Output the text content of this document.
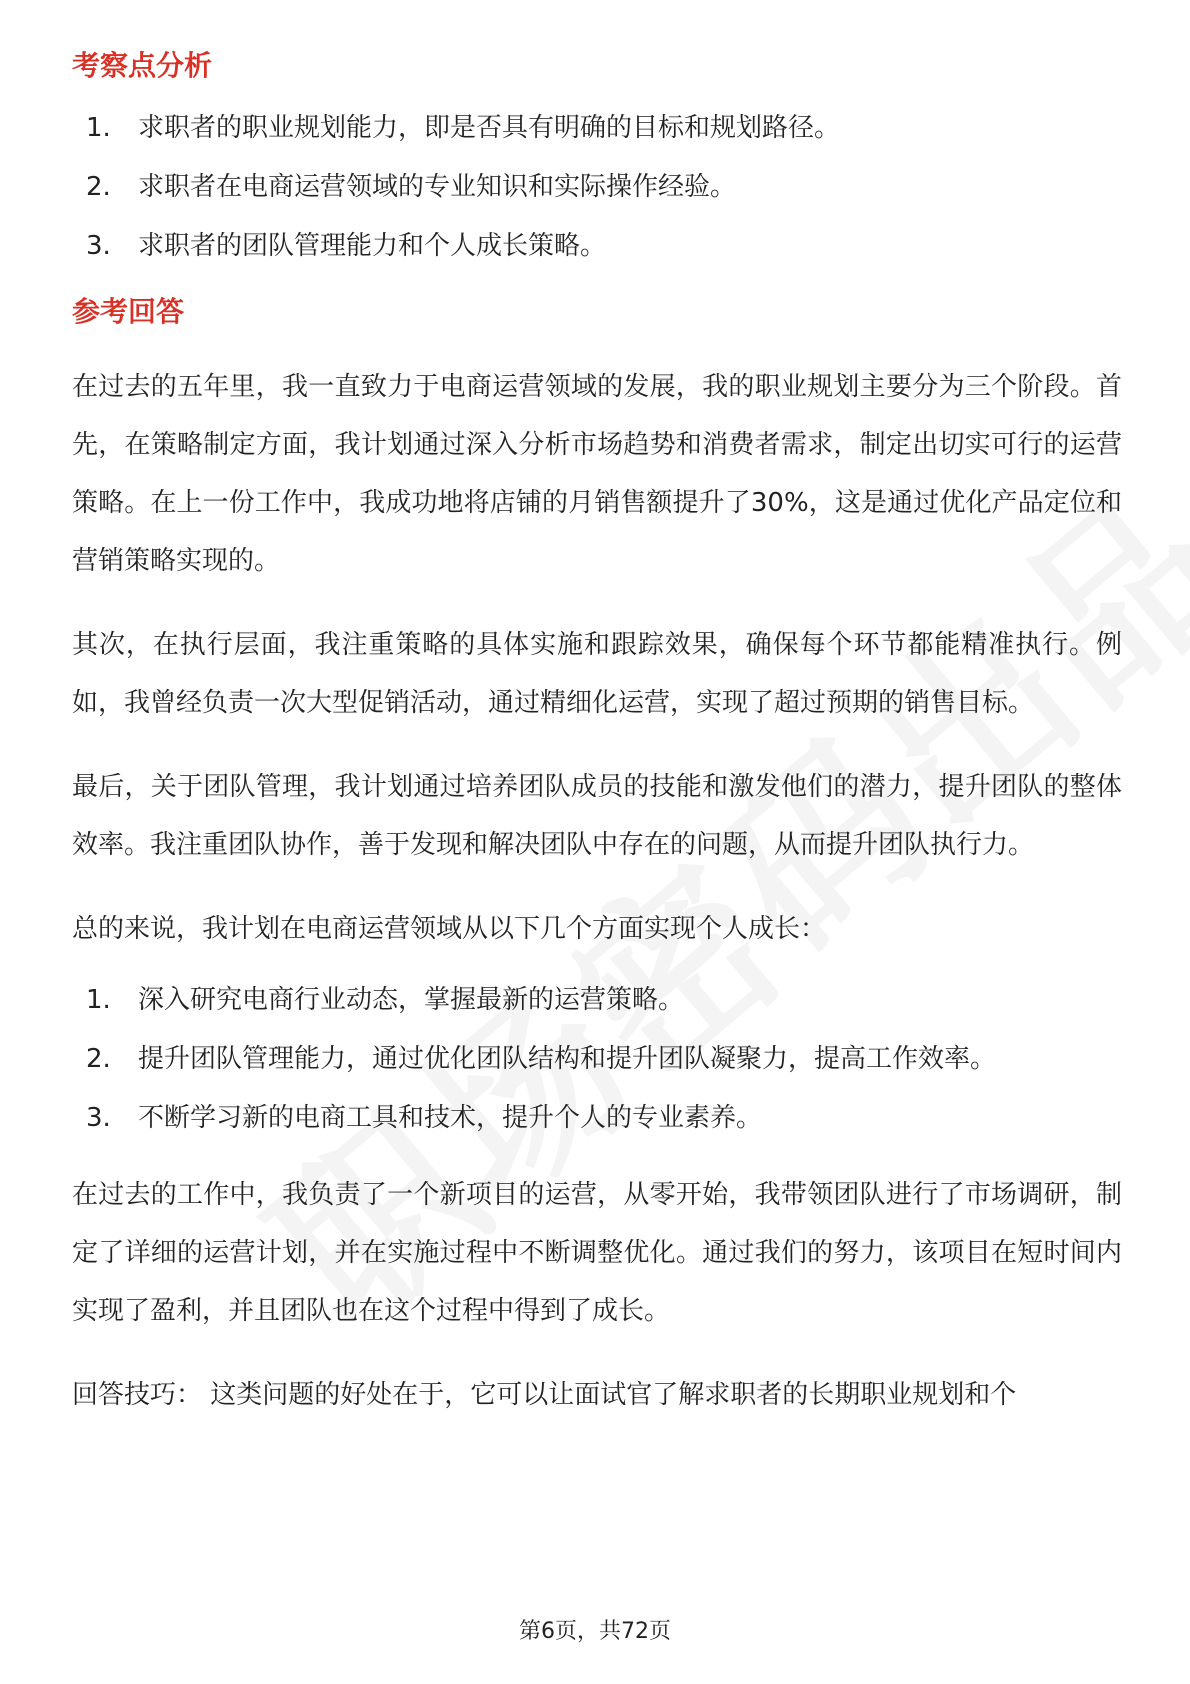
考察点分析
1.	求职者的职业规划能力，即是否具有明确的目标和规划路径。
2.	求职者在电商运营领域的专业知识和实际操作经验。
3.	求职者的团队管理能力和个人成长策略。
参考回答

在过去的五年里，我一直致力于电商运营领域的发展，我的职业规划主要分为三个阶段。首先，在策略制定方面，我计划通过深入分析市场趋势和消费者需求，制定出切实可行的运营策略。在上一份工作中，我成功地将店铺的月销售额提升了30%，这是通过优化产品定位和营销策略实现的。

其次，在执行层面，我注重策略的具体实施和跟踪效果，确保每个环节都能精准执行。例如，我曾经负责一次大型促销活动，通过精细化运营，实现了超过预期的销售目标。

最后，关于团队管理，我计划通过培养团队成员的技能和激发他们的潜力，提升团队的整体效率。我注重团队协作，善于发现和解决团队中存在的问题，从而提升团队执行力。

总的来说，我计划在电商运营领域从以下几个方面实现个人成长：

1.	深入研究电商行业动态，掌握最新的运营策略。
2.	提升团队管理能力，通过优化团队结构和提升团队凝聚力，提高工作效率。
3.	不断学习新的电商工具和技术，提升个人的专业素养。

在过去的工作中，我负责了一个新项目的运营，从零开始，我带领团队进行了市场调研，制定了详细的运营计划，并在实施过程中不断调整优化。通过我们的努力，该项目在短时间内实现了盈利，并且团队也在这个过程中得到了成长。

回答技巧： 这类问题的好处在于，它可以让面试官了解求职者的长期职业规划和个

第6页，共72页
